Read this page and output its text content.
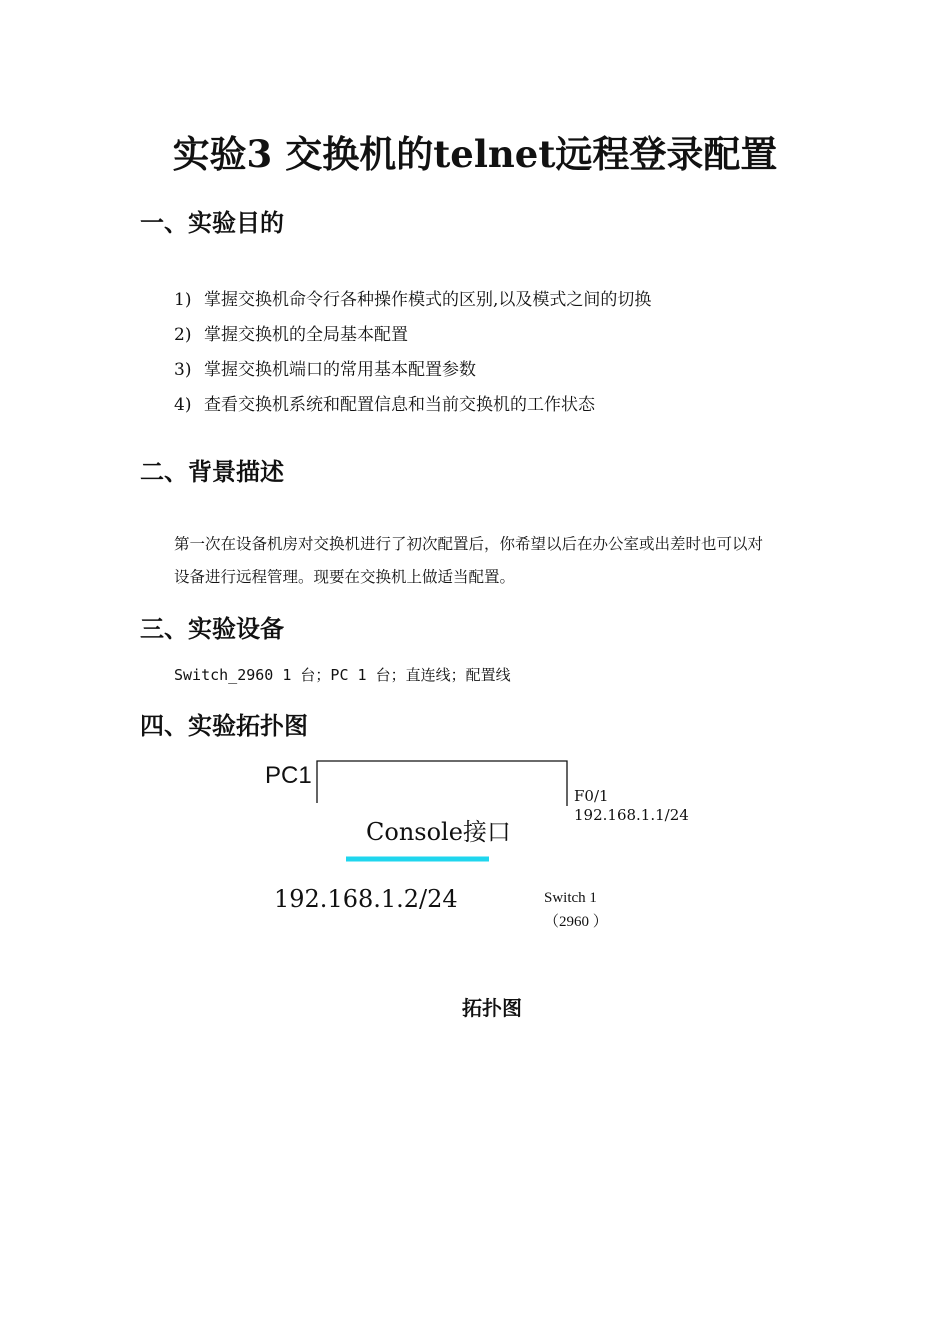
实验3 交换机的telnet远程登录配置
一、实验目的
1) 掌握交换机命令行各种操作模式的区别,以及模式之间的切换
2) 掌握交换机的全局基本配置
3) 掌握交换机端口的常用基本配置参数
4) 查看交换机系统和配置信息和当前交换机的工作状态
二、背景描述
第一次在设备机房对交换机进行了初次配置后，你希望以后在办公室或出差时也可以对
设备进行远程管理。现要在交换机上做适当配置。
三、实验设备
Switch_2960 1 台；PC 1 台；直连线；配置线
四、实验拓扑图
PC1
Console接口
F0/1
192.168.1.1/24
192.168.1.2/24	Switch 1
（2960 ）
拓扑图
